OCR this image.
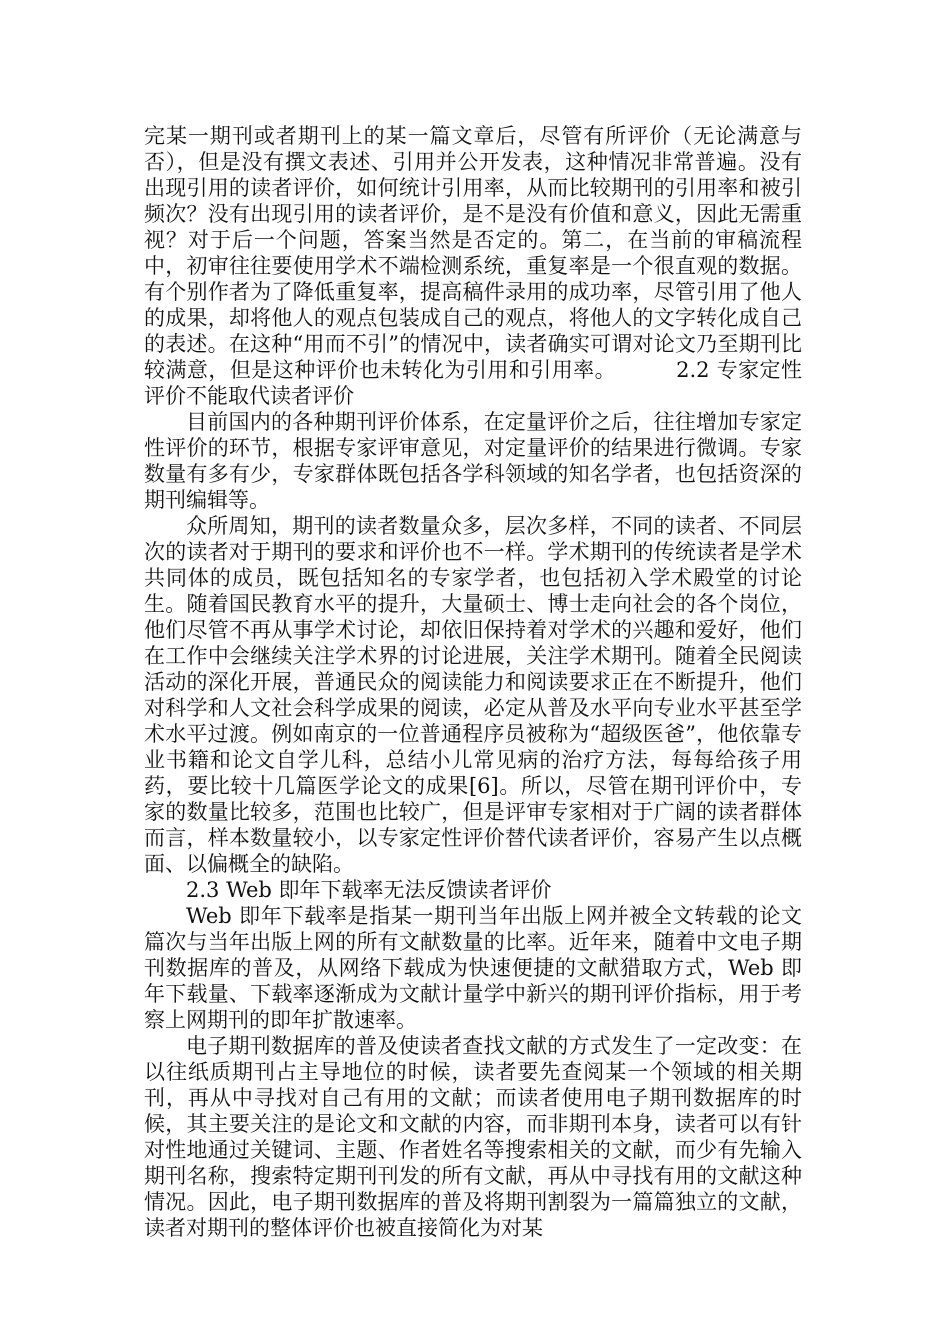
完某一期刊或者期刊上的某一篇文章后，尽管有所评价（无论满意与否），但是没有撰文表述、引用并公开发表，这种情况非常普遍。没有出现引用的读者评价，如何统计引用率，从而比较期刊的引用率和被引频次？没有出现引用的读者评价，是不是没有价值和意义，因此无需重视？对于后一个问题，答案当然是否定的。第二，在当前的审稿流程中，初审往往要使用学术不端检测系统，重复率是一个很直观的数据。有个别作者为了降低重复率，提高稿件录用的成功率，尽管引用了他人的成果，却将他人的观点包装成自己的观点，将他人的文字转化成自己的表述。在这种“用而不引”的情况中，读者确实可谓对论文乃至期刊比较满意，但是这种评价也未转化为引用和引用率。	2.2 专家定性评价不能取代读者评价

目前国内的各种期刊评价体系，在定量评价之后，往往增加专家定性评价的环节，根据专家评审意见，对定量评价的结果进行微调。专家数量有多有少，专家群体既包括各学科领域的知名学者，也包括资深的期刊编辑等。

众所周知，期刊的读者数量众多，层次多样，不同的读者、不同层次的读者对于期刊的要求和评价也不一样。学术期刊的传统读者是学术共同体的成员，既包括知名的专家学者，也包括初入学术殿堂的讨论生。随着国民教育水平的提升，大量硕士、博士走向社会的各个岗位，他们尽管不再从事学术讨论，却依旧保持着对学术的兴趣和爱好，他们在工作中会继续关注学术界的讨论进展，关注学术期刊。随着全民阅读活动的深化开展，普通民众的阅读能力和阅读要求正在不断提升，他们对科学和人文社会科学成果的阅读，必定从普及水平向专业水平甚至学术水平过渡。例如南京的一位普通程序员被称为“超级医爸”，他依靠专业书籍和论文自学儿科，总结小儿常见病的治疗方法，每每给孩子用药，要比较十几篇医学论文的成果[6]。所以，尽管在期刊评价中，专家的数量比较多，范围也比较广，但是评审专家相对于广阔的读者群体而言，样本数量较小，以专家定性评价替代读者评价，容易产生以点概面、以偏概全的缺陷。

2.3 Web 即年下载率无法反馈读者评价

Web 即年下载率是指某一期刊当年出版上网并被全文转载的论文篇次与当年出版上网的所有文献数量的比率。近年来，随着中文电子期刊数据库的普及，从网络下载成为快速便捷的文献猎取方式，Web 即年下载量、下载率逐渐成为文献计量学中新兴的期刊评价指标，用于考察上网期刊的即年扩散速率。

电子期刊数据库的普及使读者查找文献的方式发生了一定改变：在以往纸质期刊占主导地位的时候，读者要先查阅某一个领域的相关期刊，再从中寻找对自己有用的文献；而读者使用电子期刊数据库的时候，其主要关注的是论文和文献的内容，而非期刊本身，读者可以有针对性地通过关键词、主题、作者姓名等搜索相关的文献，而少有先输入期刊名称，搜索特定期刊刊发的所有文献，再从中寻找有用的文献这种情况。因此，电子期刊数据库的普及将期刊割裂为一篇篇独立的文献，读者对期刊的整体评价也被直接简化为对某
